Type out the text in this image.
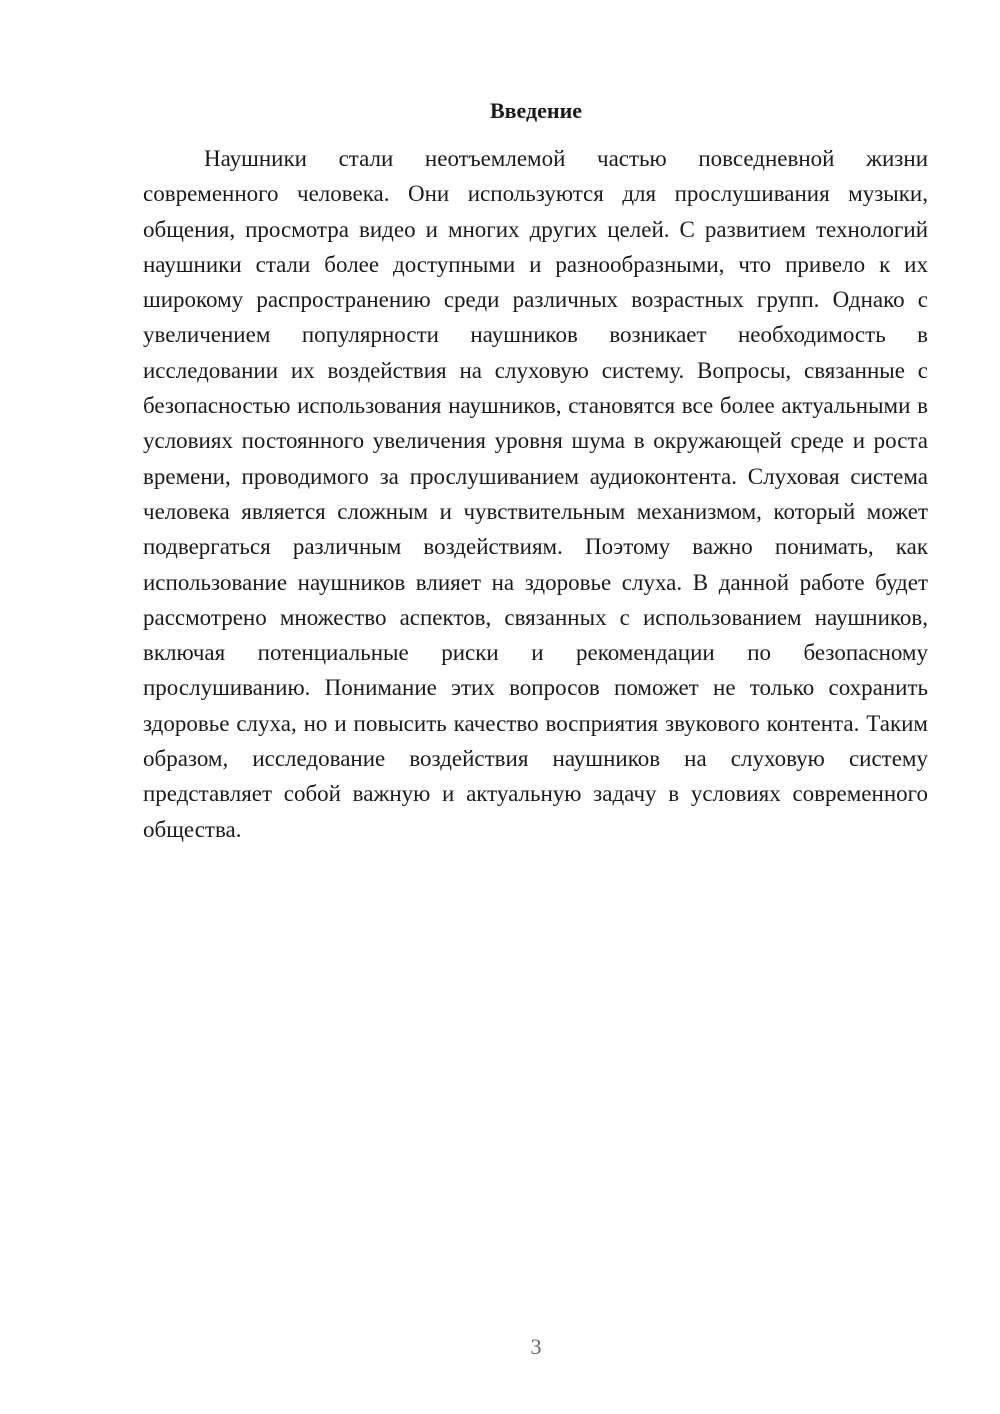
Введение

Наушники стали неотъемлемой частью повседневной жизни современного человека. Они используются для прослушивания музыки, общения, просмотра видео и многих других целей. С развитием технологий наушники стали более доступными и разнообразными, что привело к их широкому распространению среди различных возрастных групп. Однако с увеличением популярности наушников возникает необходимость в исследовании их воздействия на слуховую систему. Вопросы, связанные с безопасностью использования наушников, становятся все более актуальными в условиях постоянного увеличения уровня шума в окружающей среде и роста времени, проводимого за прослушиванием аудиоконтента. Слуховая система человека является сложным и чувствительным механизмом, который может подвергаться различным воздействиям. Поэтому важно понимать, как использование наушников влияет на здоровье слуха. В данной работе будет рассмотрено множество аспектов, связанных с использованием наушников, включая потенциальные риски и рекомендации по безопасному прослушиванию. Понимание этих вопросов поможет не только сохранить здоровье слуха, но и повысить качество восприятия звукового контента. Таким образом, исследование воздействия наушников на слуховую систему представляет собой важную и актуальную задачу в условиях современного общества.

3
